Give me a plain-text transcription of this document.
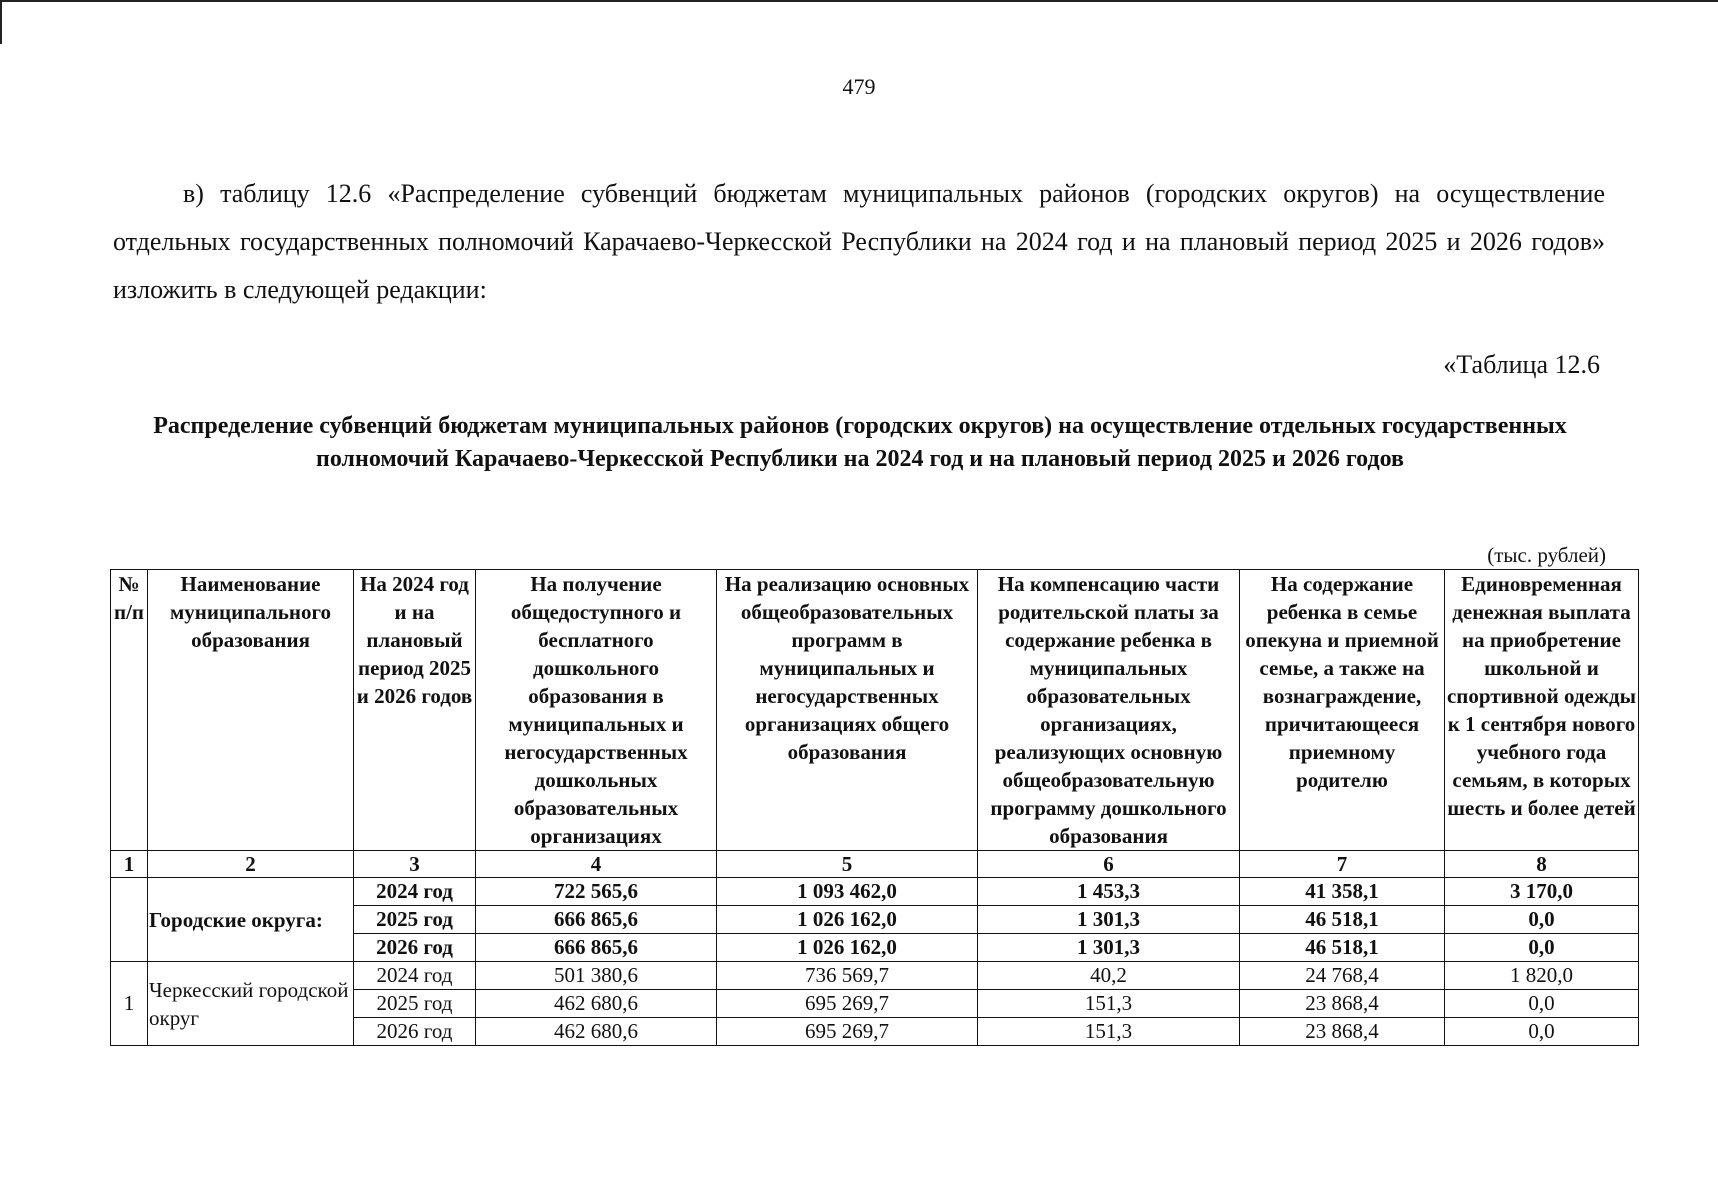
479
в) таблицу 12.6 «Распределение субвенций бюджетам муниципальных районов (городских округов) на осуществление отдельных государственных полномочий Карачаево-Черкесской Республики на 2024 год и на плановый период 2025 и 2026 годов» изложить в следующей редакции:
«Таблица 12.6
Распределение субвенций бюджетам муниципальных районов (городских округов) на осуществление отдельных государственных полномочий Карачаево-Черкесской Республики на 2024 год и на плановый период 2025 и 2026 годов
(тыс. рублей)
№ п/п	Наименование муниципального образования	На 2024 год и на плановый период 2025 и 2026 годов	На получение общедоступного и бесплатного дошкольного образования в муниципальных и негосударственных дошкольных образовательных организациях	На реализацию основных общеобразовательных программ в муниципальных и негосударственных организациях общего образования	На компенсацию части родительской платы за содержание ребенка в муниципальных образовательных организациях, реализующих основную общеобразовательную программу дошкольного образования	На содержание ребенка в семье опекуна и приемной семье, а также на вознаграждение, причитающееся приемному родителю	Единовременная денежная выплата на приобретение школьной и спортивной одежды к 1 сентября нового учебного года семьям, в которых шесть и более детей
1	2	3	4	5	6	7	8
	Городские округа:	2024 год	722 565,6	1 093 462,0	1 453,3	41 358,1	3 170,0
		2025 год	666 865,6	1 026 162,0	1 301,3	46 518,1	0,0
		2026 год	666 865,6	1 026 162,0	1 301,3	46 518,1	0,0
1	Черкесский городской округ	2024 год	501 380,6	736 569,7	40,2	24 768,4	1 820,0
		2025 год	462 680,6	695 269,7	151,3	23 868,4	0,0
		2026 год	462 680,6	695 269,7	151,3	23 868,4	0,0
